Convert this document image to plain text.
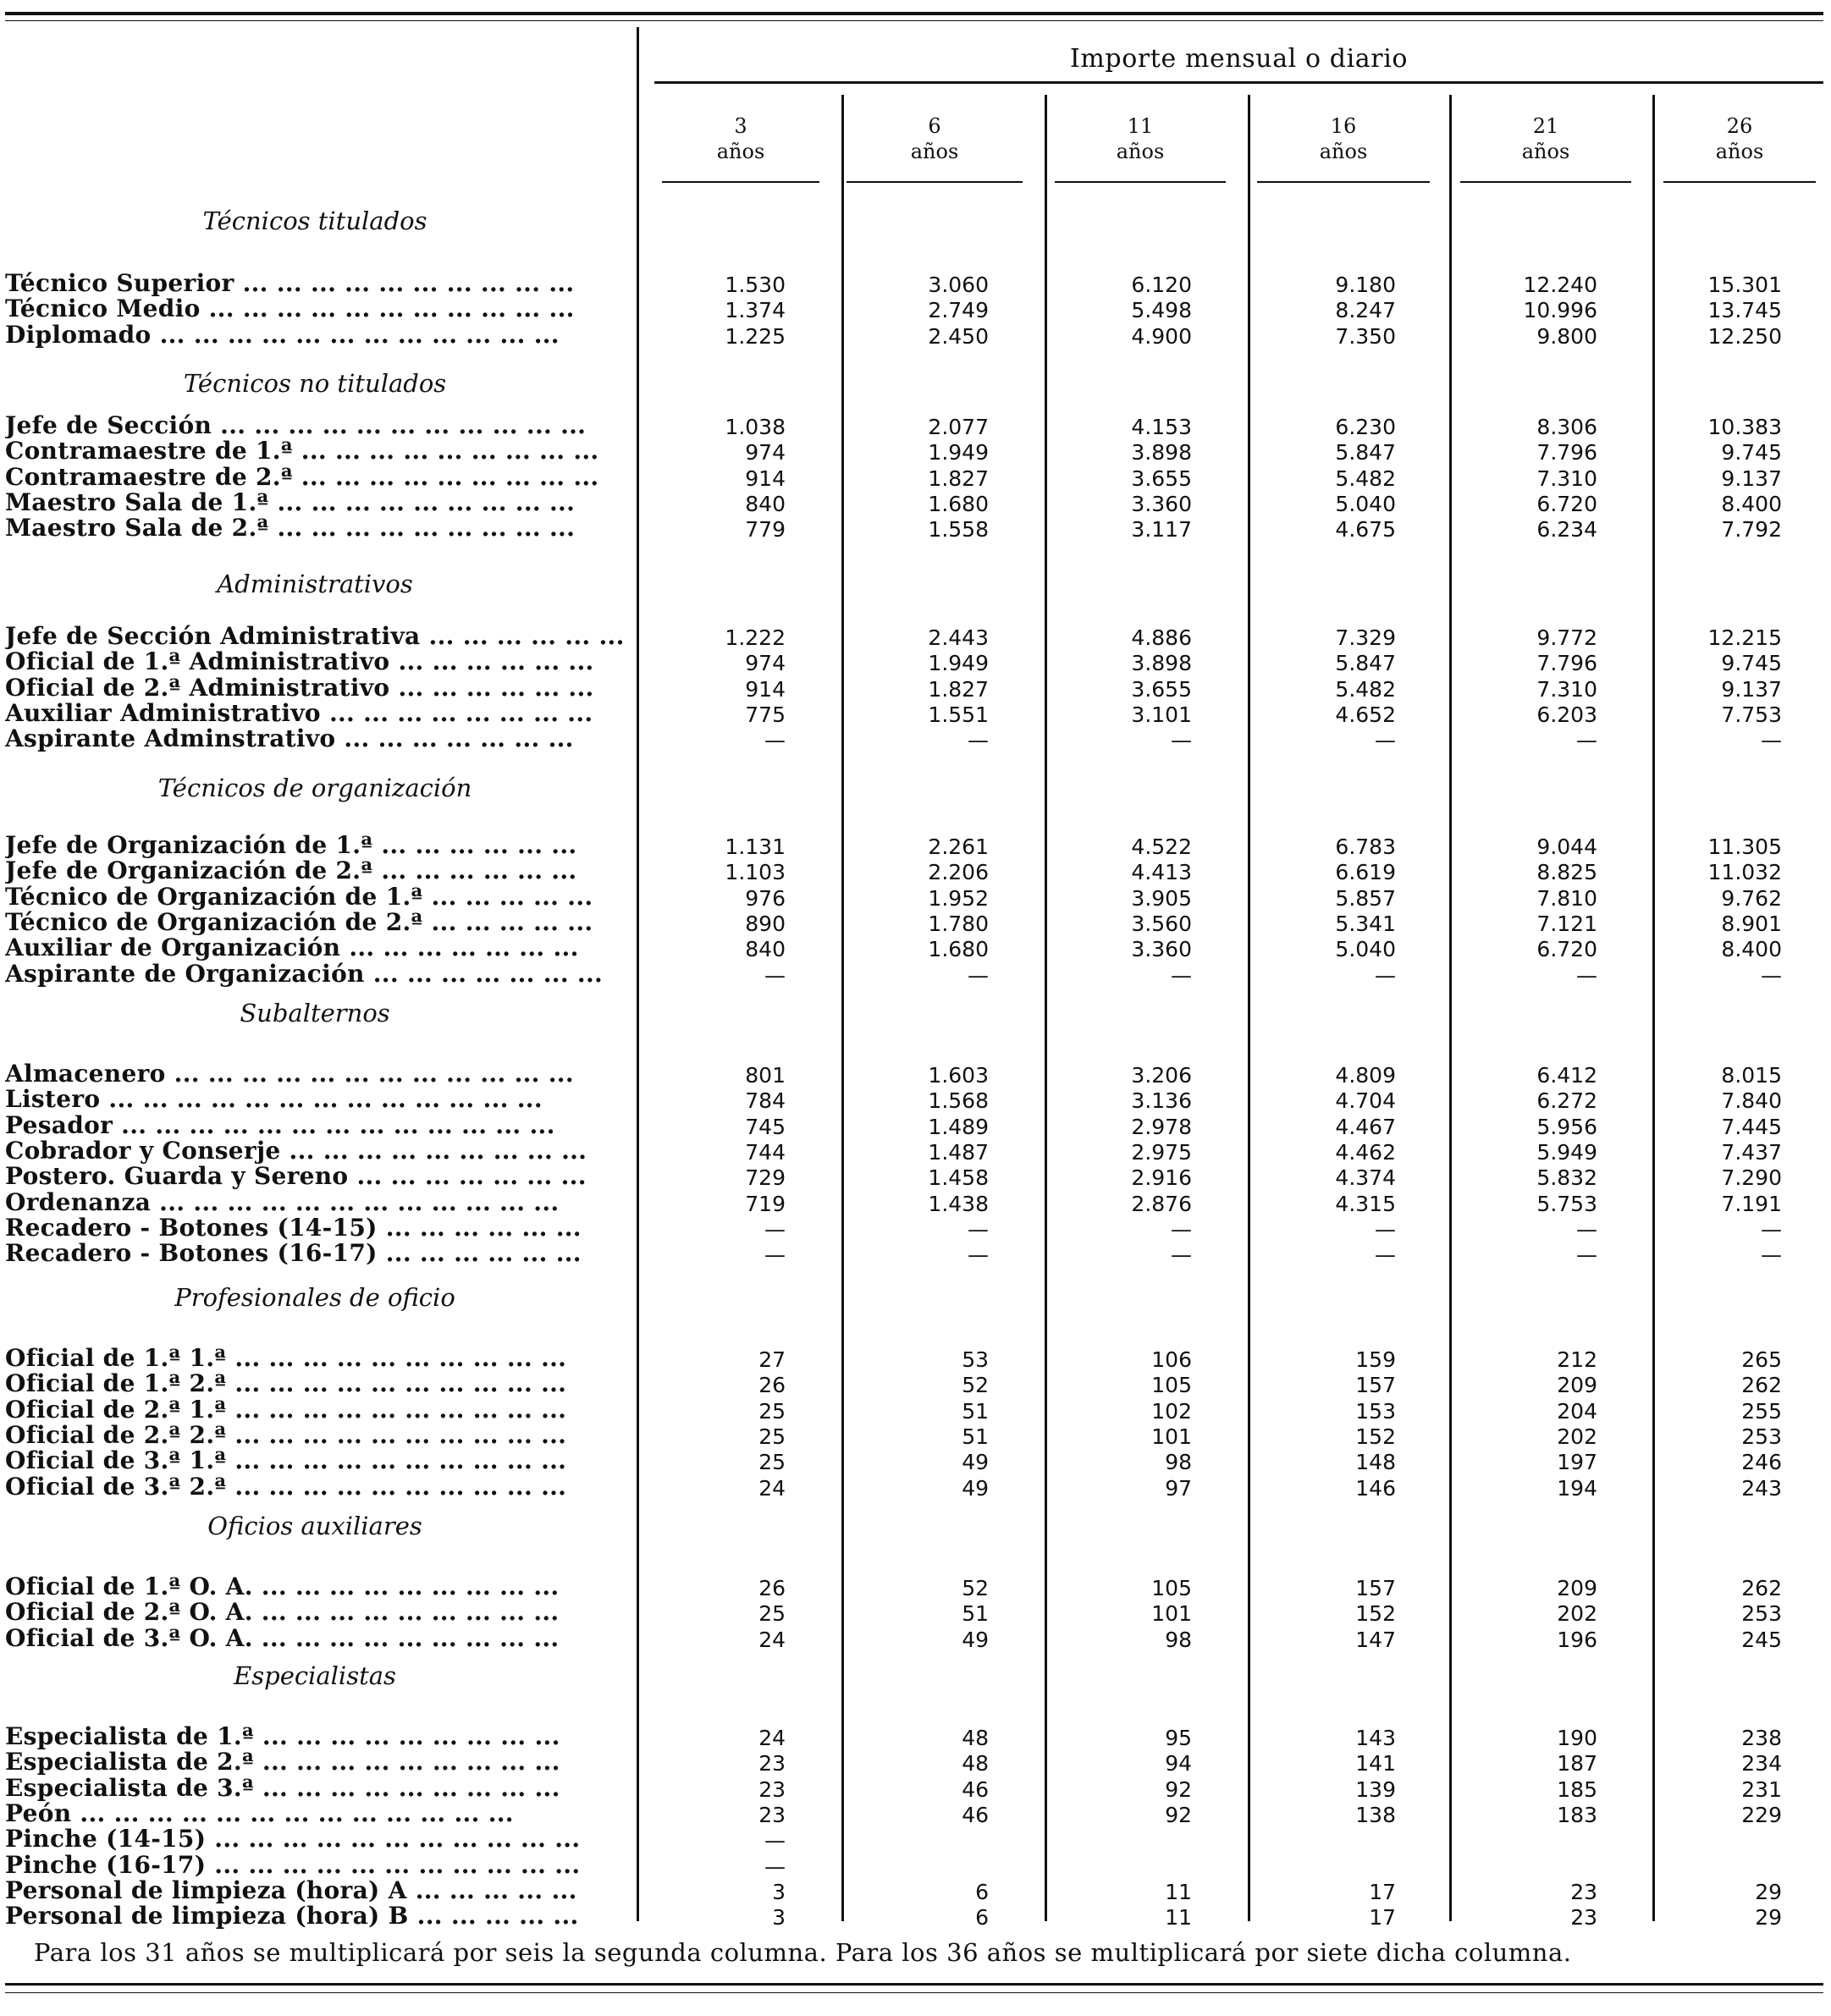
Importe mensual o diario
3
años
6
años
11
años
16
años
21
años
26
años
Técnicos titulados
Técnico Superior ... ... ... ... ... ... ... ... ... ...	1.530	3.060	6.120	9.180	12.240	15.301
Técnico Medio ... ... ... ... ... ... ... ... ... ... ...	1.374	2.749	5.498	8.247	10.996	13.745
Diplomado ... ... ... ... ... ... ... ... ... ... ... ...	1.225	2.450	4.900	7.350	9.800	12.250
Técnicos no titulados
Jefe de Sección ... ... ... ... ... ... ... ... ... ... ...	1.038	2.077	4.153	6.230	8.306	10.383
Contramaestre de 1.ª ... ... ... ... ... ... ... ... ...	974	1.949	3.898	5.847	7.796	9.745
Contramaestre de 2.ª ... ... ... ... ... ... ... ... ...	914	1.827	3.655	5.482	7.310	9.137
Maestro Sala de 1.ª ... ... ... ... ... ... ... ... ...	840	1.680	3.360	5.040	6.720	8.400
Maestro Sala de 2.ª ... ... ... ... ... ... ... ... ...	779	1.558	3.117	4.675	6.234	7.792
Administrativos
Jefe de Sección Administrativa ... ... ... ... ... ...	1.222	2.443	4.886	7.329	9.772	12.215
Oficial de 1.ª Administrativo ... ... ... ... ... ...	974	1.949	3.898	5.847	7.796	9.745
Oficial de 2.ª Administrativo ... ... ... ... ... ...	914	1.827	3.655	5.482	7.310	9.137
Auxiliar Administrativo ... ... ... ... ... ... ... ...	775	1.551	3.101	4.652	6.203	7.753
Aspirante Adminstrativo ... ... ... ... ... ... ...	—	—	—	—	—	—
Técnicos de organización
Jefe de Organización de 1.ª ... ... ... ... ... ...	1.131	2.261	4.522	6.783	9.044	11.305
Jefe de Organización de 2.ª ... ... ... ... ... ...	1.103	2.206	4.413	6.619	8.825	11.032
Técnico de Organización de 1.ª ... ... ... ... ...	976	1.952	3.905	5.857	7.810	9.762
Técnico de Organización de 2.ª ... ... ... ... ...	890	1.780	3.560	5.341	7.121	8.901
Auxiliar de Organización ... ... ... ... ... ... ...	840	1.680	3.360	5.040	6.720	8.400
Aspirante de Organización ... ... ... ... ... ... ...	—	—	—	—	—	—
Subalternos
Almacenero ... ... ... ... ... ... ... ... ... ... ... ...	801	1.603	3.206	4.809	6.412	8.015
Listero ... ... ... ... ... ... ... ... ... ... ... ... ...	784	1.568	3.136	4.704	6.272	7.840
Pesador ... ... ... ... ... ... ... ... ... ... ... ... ...	745	1.489	2.978	4.467	5.956	7.445
Cobrador y Conserje ... ... ... ... ... ... ... ... ...	744	1.487	2.975	4.462	5.949	7.437
Postero. Guarda y Sereno ... ... ... ... ... ... ...	729	1.458	2.916	4.374	5.832	7.290
Ordenanza ... ... ... ... ... ... ... ... ... ... ... ...	719	1.438	2.876	4.315	5.753	7.191
Recadero - Botones (14-15) ... ... ... ... ... ...	—	—	—	—	—	—
Recadero - Botones (16-17) ... ... ... ... ... ...	—	—	—	—	—	—
Profesionales de oficio
Oficial de 1.ª 1.ª ... ... ... ... ... ... ... ... ... ...	27	53	106	159	212	265
Oficial de 1.ª 2.ª ... ... ... ... ... ... ... ... ... ...	26	52	105	157	209	262
Oficial de 2.ª 1.ª ... ... ... ... ... ... ... ... ... ...	25	51	102	153	204	255
Oficial de 2.ª 2.ª ... ... ... ... ... ... ... ... ... ...	25	51	101	152	202	253
Oficial de 3.ª 1.ª ... ... ... ... ... ... ... ... ... ...	25	49	98	148	197	246
Oficial de 3.ª 2.ª ... ... ... ... ... ... ... ... ... ...	24	49	97	146	194	243
Oficios auxiliares
Oficial de 1.ª O. A. ... ... ... ... ... ... ... ... ...	26	52	105	157	209	262
Oficial de 2.ª O. A. ... ... ... ... ... ... ... ... ...	25	51	101	152	202	253
Oficial de 3.ª O. A. ... ... ... ... ... ... ... ... ...	24	49	98	147	196	245
Especialistas
Especialista de 1.ª ... ... ... ... ... ... ... ... ...	24	48	95	143	190	238
Especialista de 2.ª ... ... ... ... ... ... ... ... ...	23	48	94	141	187	234
Especialista de 3.ª ... ... ... ... ... ... ... ... ...	23	46	92	139	185	231
Peón ... ... ... ... ... ... ... ... ... ... ... ... ...	23	46	92	138	183	229
Pinche (14-15) ... ... ... ... ... ... ... ... ... ... ...	—
Pinche (16-17) ... ... ... ... ... ... ... ... ... ... ...	—
Personal de limpieza (hora) A ... ... ... ... ...	3	6	11	17	23	29
Personal de limpieza (hora) B ... ... ... ... ...	3	6	11	17	23	29
Para los 31 años se multiplicará por seis la segunda columna. Para los 36 años se multiplicará por siete dicha columna.
